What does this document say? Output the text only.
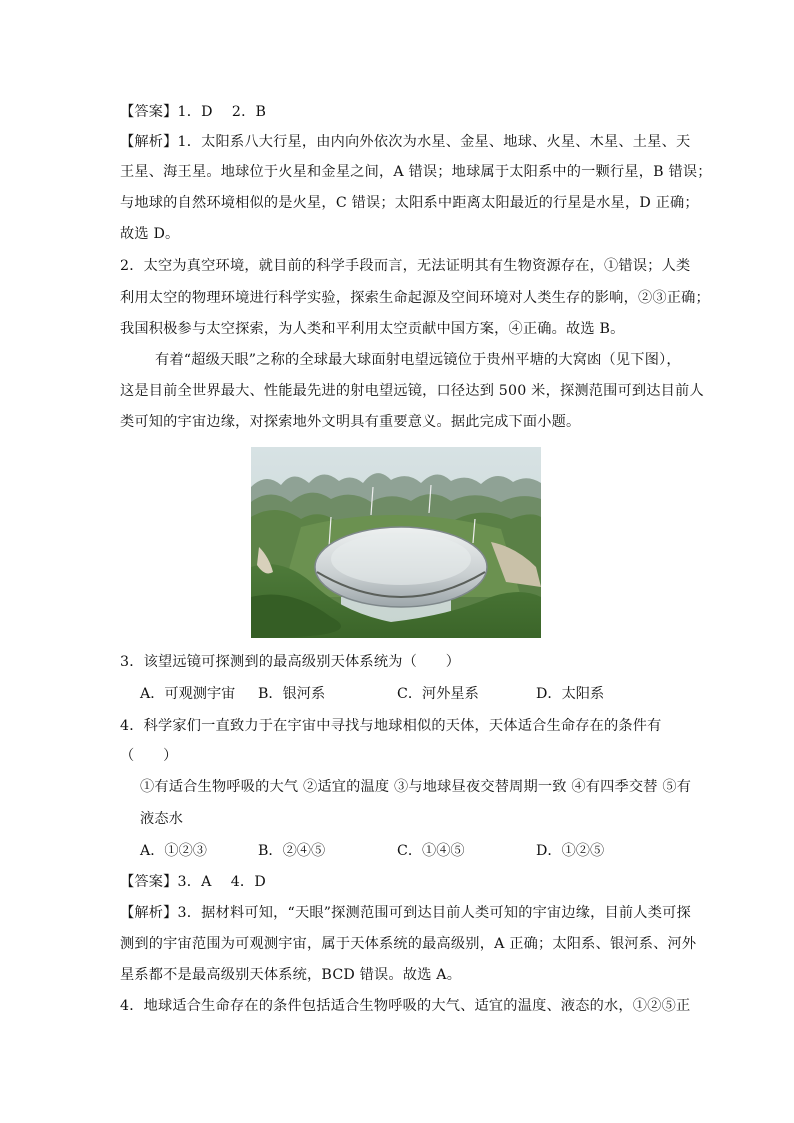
【答案】1．D　 2．B
【解析】1．太阳系八大行星，由内向外依次为水星、金星、地球、火星、木星、土星、天
王星、海王星。地球位于火星和金星之间，A 错误；地球属于太阳系中的一颗行星，B 错误；
与地球的自然环境相似的是火星，C 错误；太阳系中距离太阳最近的行星是水星，D 正确；
故选 D。
2．太空为真空环境，就目前的科学手段而言，无法证明其有生物资源存在，①错误；人类
利用太空的物理环境进行科学实验，探索生命起源及空间环境对人类生存的影响，②③正确；
我国积极参与太空探索，为人类和平利用太空贡献中国方案，④正确。故选 B。
有着“超级天眼”之称的全球最大球面射电望远镜位于贵州平塘的大窝凼（见下图），
这是目前全世界最大、性能最先进的射电望远镜，口径达到 500 米，探测范围可到达目前人
类可知的宇宙边缘，对探索地外文明具有重要意义。据此完成下面小题。
3．该望远镜可探测到的最高级别天体系统为（　　）
A．可观测宇宙 B．银河系	C．河外星系	D．太阳系
4．科学家们一直致力于在宇宙中寻找与地球相似的天体，天体适合生命存在的条件有
（　　）
①有适合生物呼吸的大气 ②适宜的温度 ③与地球昼夜交替周期一致 ④有四季交替 ⑤有
液态水
A．①②③	B．②④⑤	C．①④⑤	D．①②⑤
【答案】3．A　 4．D
【解析】3．据材料可知，“天眼”探测范围可到达目前人类可知的宇宙边缘，目前人类可探
测到的宇宙范围为可观测宇宙，属于天体系统的最高级别，A 正确；太阳系、银河系、河外
星系都不是最高级别天体系统，BCD 错误。故选 A。
4．地球适合生命存在的条件包括适合生物呼吸的大气、适宜的温度、液态的水，①②⑤正
